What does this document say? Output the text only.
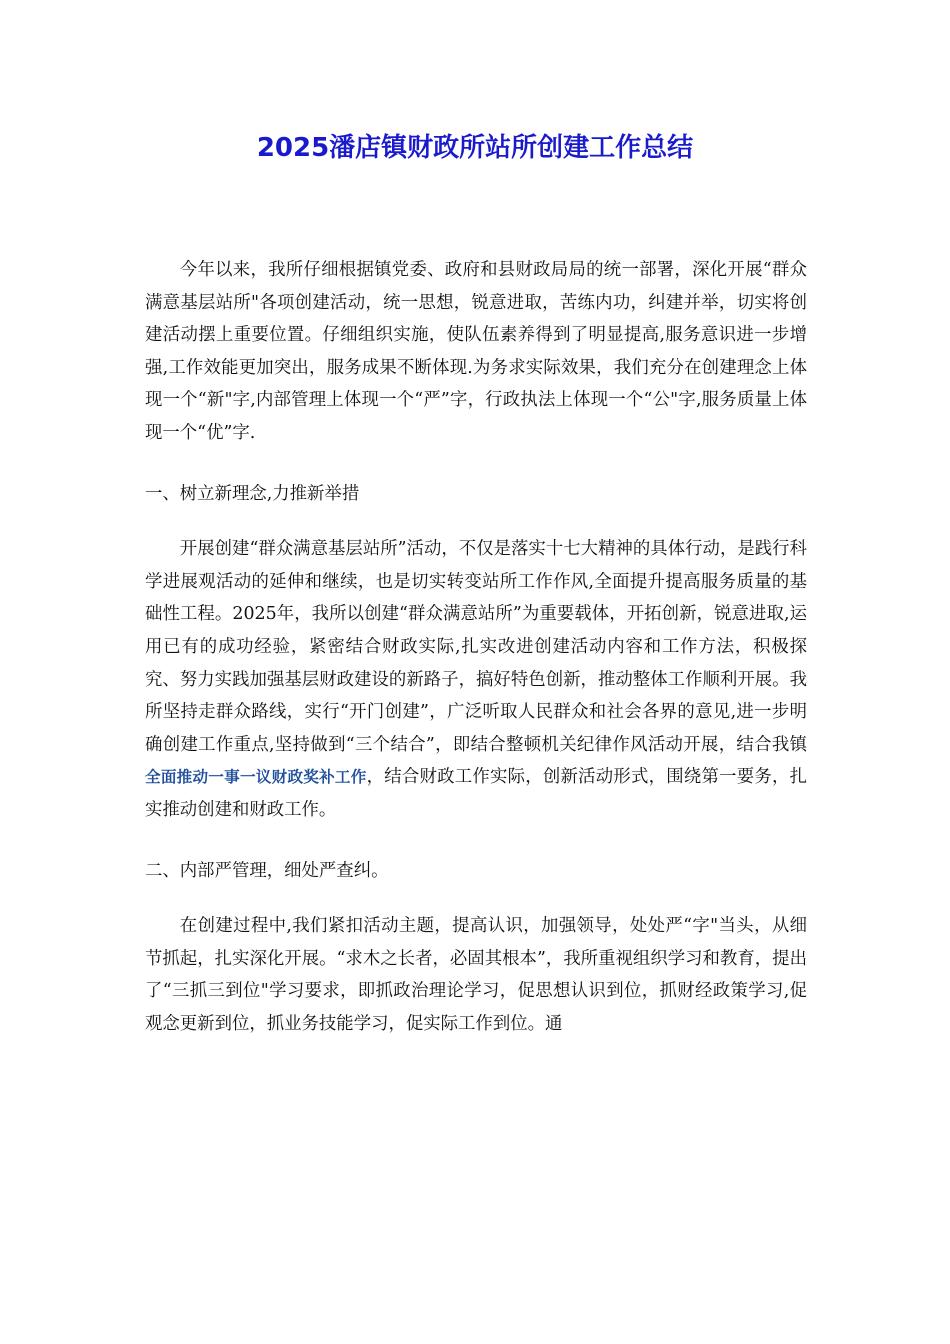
2025潘店镇财政所站所创建工作总结

今年以来，我所仔细根据镇党委、政府和县财政局局的统一部署，深化开展“群众满意基层站所"各项创建活动，统一思想，锐意进取，苦练内功，纠建并举，切实将创建活动摆上重要位置。仔细组织实施，使队伍素养得到了明显提高,服务意识进一步增强,工作效能更加突出，服务成果不断体现.为务求实际效果，我们充分在创建理念上体现一个“新"字,内部管理上体现一个“严”字，行政执法上体现一个“公"字,服务质量上体现一个“优”字.

一、树立新理念,力推新举措

开展创建“群众满意基层站所”活动，不仅是落实十七大精神的具体行动，是践行科学进展观活动的延伸和继续，也是切实转变站所工作作风,全面提升提高服务质量的基础性工程。2025年，我所以创建“群众满意站所”为重要载体，开拓创新，锐意进取,运用已有的成功经验，紧密结合财政实际,扎实改进创建活动内容和工作方法，积极探究、努力实践加强基层财政建设的新路子，搞好特色创新，推动整体工作顺利开展。我所坚持走群众路线，实行“开门创建”，广泛听取人民群众和社会各界的意见,进一步明确创建工作重点,坚持做到“三个结合”，即结合整顿机关纪律作风活动开展，结合我镇全面推动一事一议财政奖补工作，结合财政工作实际，创新活动形式，围绕第一要务，扎实推动创建和财政工作。

二、内部严管理，细处严查纠。

在创建过程中,我们紧扣活动主题，提高认识，加强领导，处处严“字"当头，从细节抓起，扎实深化开展。“求木之长者，必固其根本”，我所重视组织学习和教育，提出了“三抓三到位"学习要求，即抓政治理论学习，促思想认识到位，抓财经政策学习,促观念更新到位，抓业务技能学习，促实际工作到位。通
